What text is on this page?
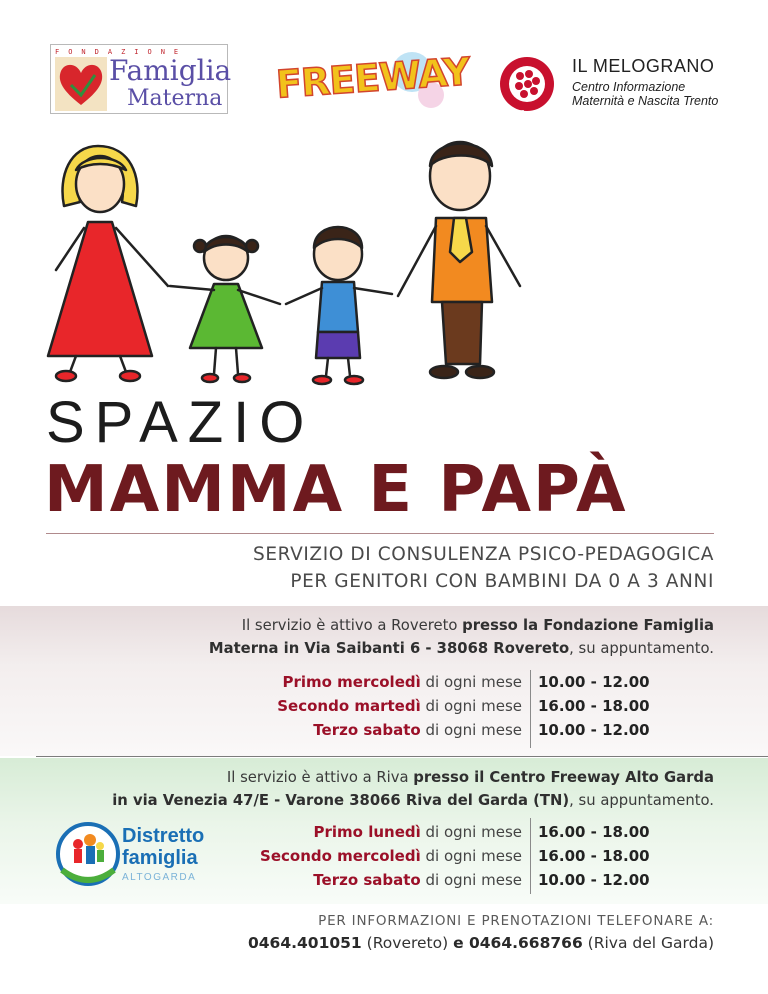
FONDAZIONE
Famiglia
Materna FREEWAY	IL MELOGRANO
Centro Informazione
Maternità e Nascita Trento
SPAZIO
MAMMA E PAPÀ
SERVIZIO DI CONSULENZA PSICO-PEDAGOGICA
PER GENITORI CON BAMBINI DA 0 A 3 ANNI
Il servizio è attivo a Rovereto presso la Fondazione Famiglia
Materna in Via Saibanti 6 - 38068 Rovereto, su appuntamento.
Primo mercoledì di ogni mese 10.00 - 12.00
Secondo martedì di ogni mese 16.00 - 18.00
Terzo sabato di ogni mese 10.00 - 12.00
Il servizio è attivo a Riva presso il Centro Freeway Alto Garda
in via Venezia 47/E - Varone 38066 Riva del Garda (TN), su appuntamento.
Distretto
famiglia
ALTOGARDA
Primo lunedì di ogni mese 16.00 - 18.00
Secondo mercoledì di ogni mese 16.00 - 18.00
Terzo sabato di ogni mese 10.00 - 12.00
PER INFORMAZIONI E PRENOTAZIONI TELEFONARE A:
0464.401051 (Rovereto) e 0464.668766 (Riva del Garda)
